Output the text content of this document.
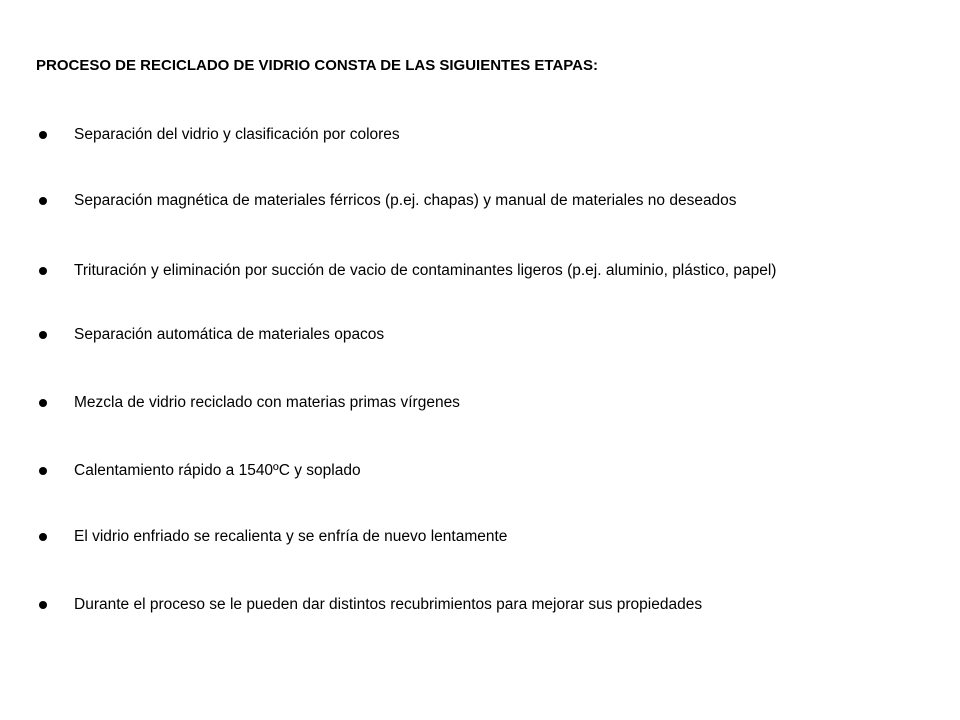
PROCESO DE RECICLADO DE VIDRIO CONSTA DE LAS SIGUIENTES ETAPAS:
Separación del vidrio y clasificación por colores
Separación magnética de materiales férricos (p.ej. chapas) y manual de materiales no deseados
Trituración y eliminación por succión de vacio de contaminantes ligeros (p.ej. aluminio, plástico, papel)
Separación automática de materiales opacos
Mezcla de vidrio reciclado con materias primas vírgenes
Calentamiento rápido a 1540ºC y soplado
El vidrio enfriado se recalienta y se enfría de nuevo lentamente
Durante el proceso se le pueden dar distintos recubrimientos para mejorar sus propiedades
